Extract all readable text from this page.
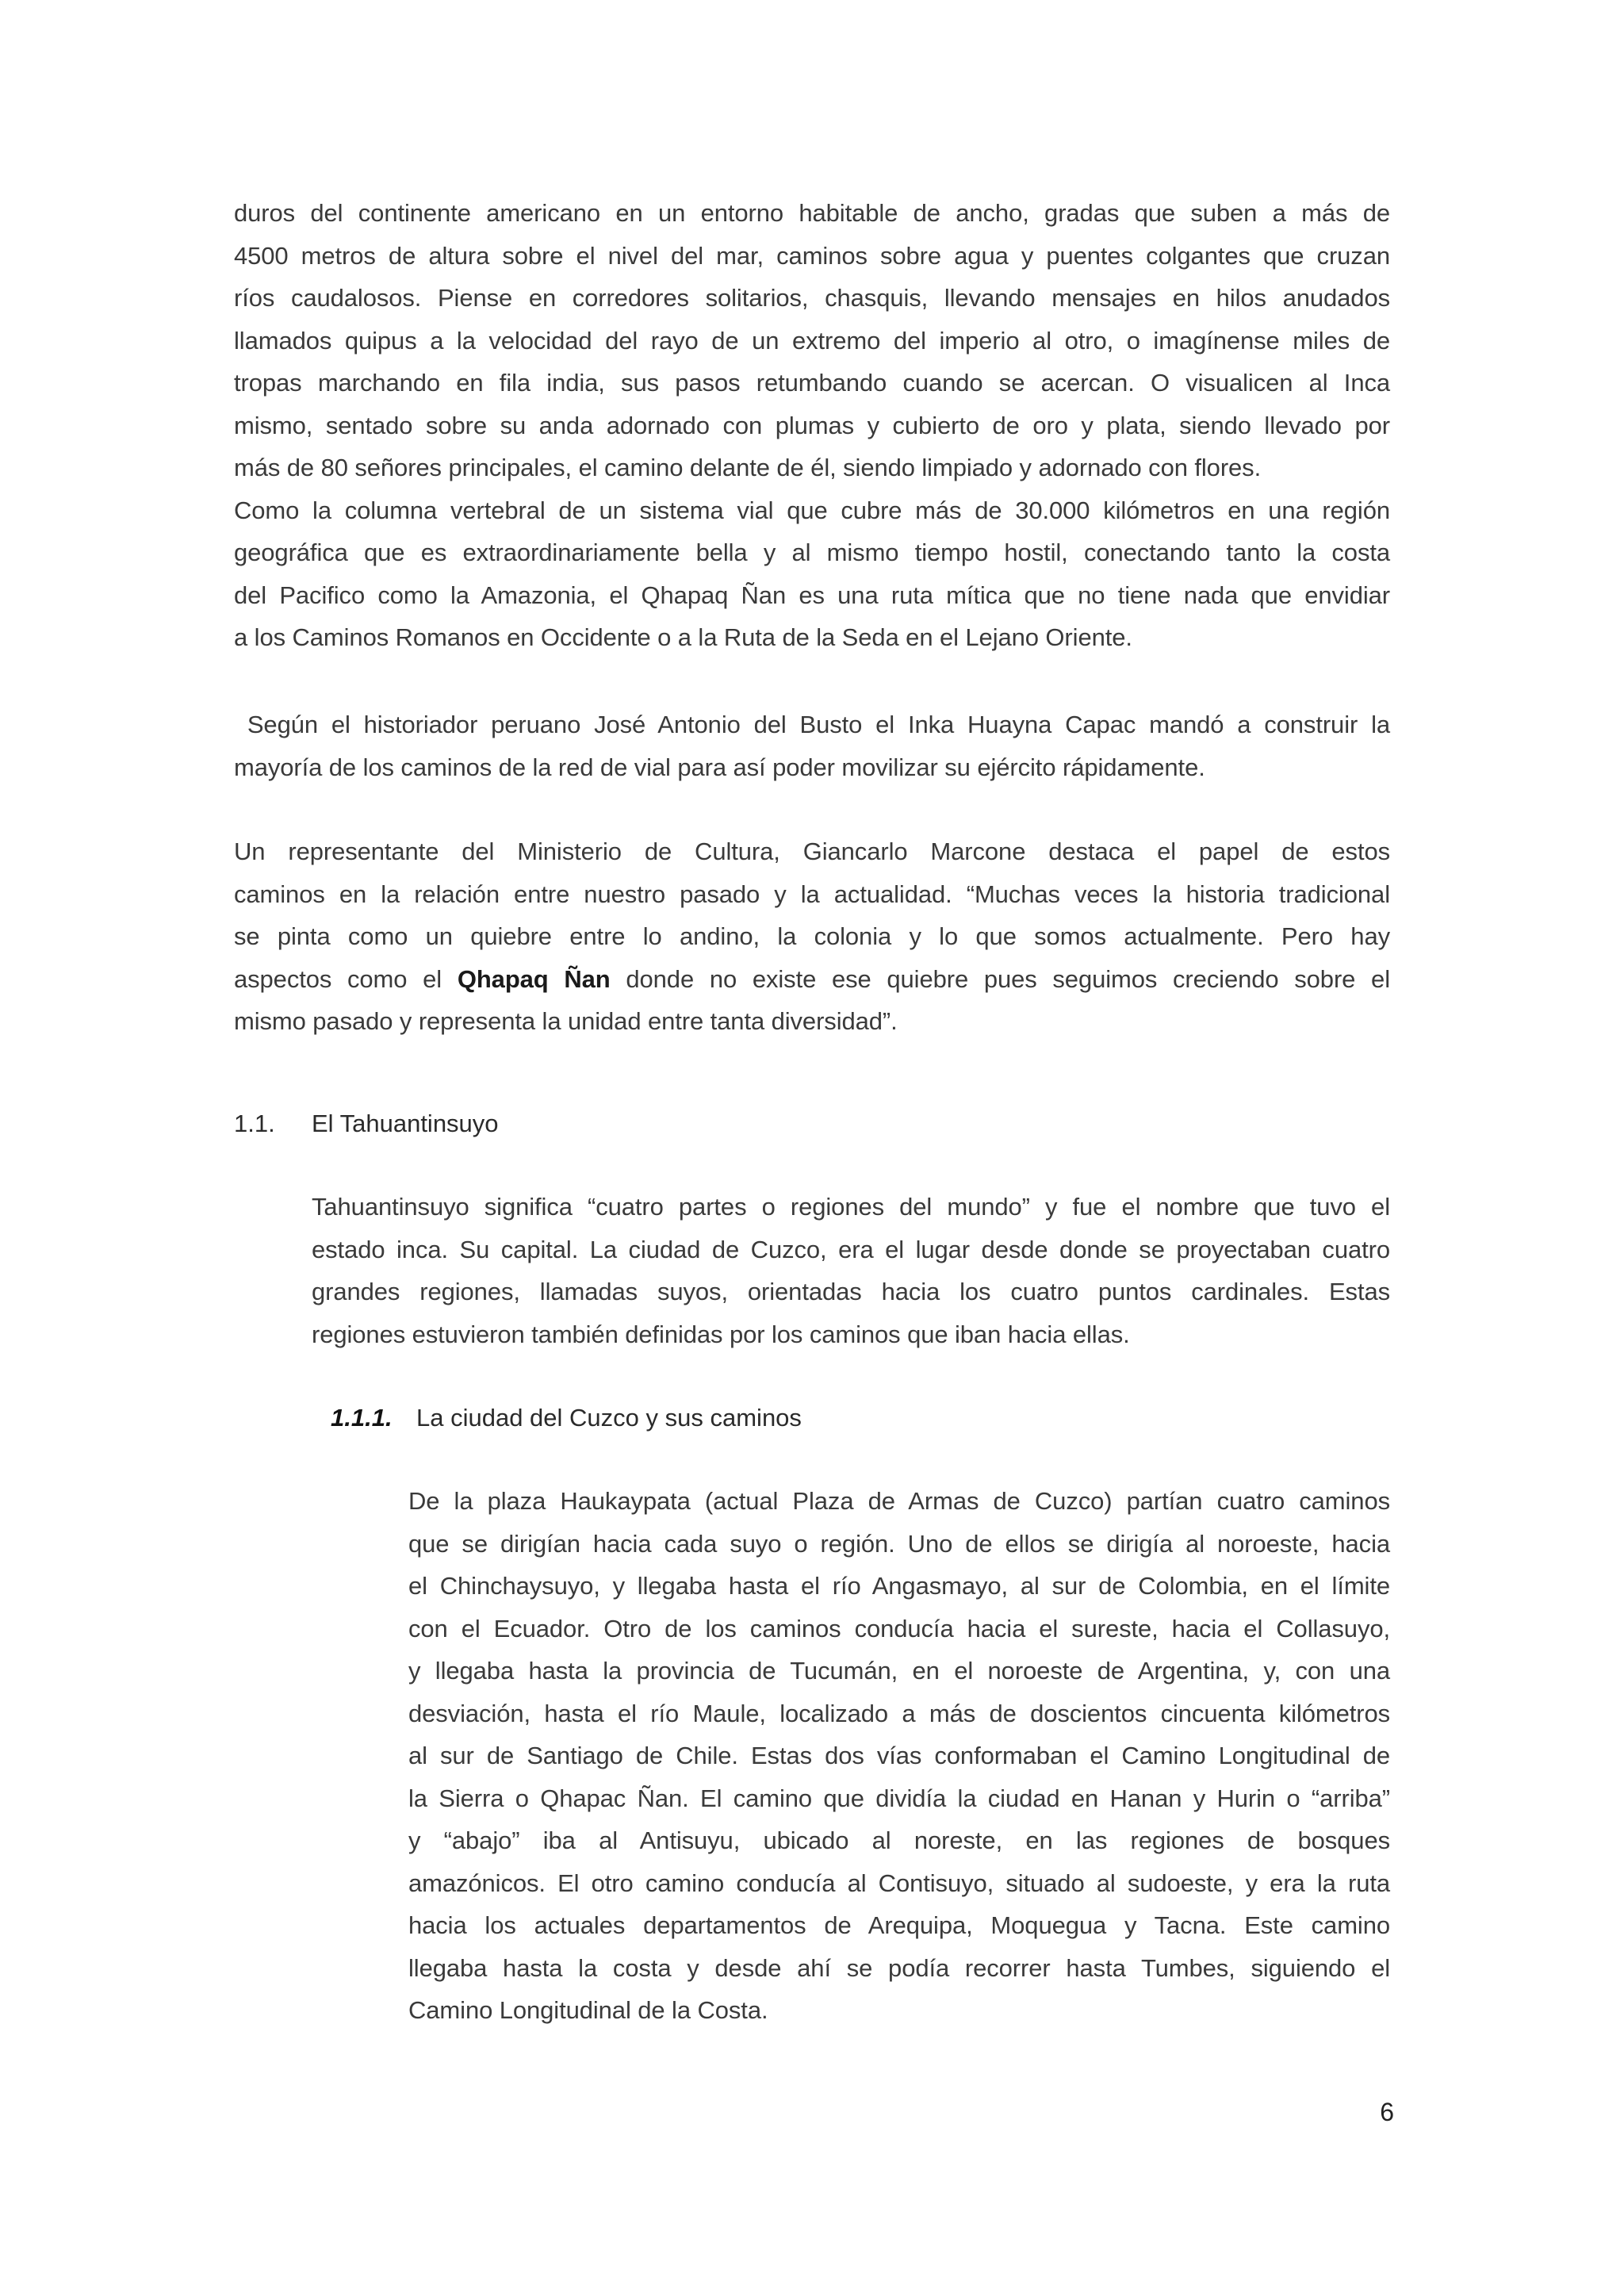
duros del continente americano en un entorno habitable de ancho, gradas que suben a más de
4500 metros de altura sobre el nivel del mar, caminos sobre agua y puentes colgantes que cruzan
ríos caudalosos. Piense en corredores solitarios, chasquis, llevando mensajes en hilos anudados
llamados quipus a la velocidad del rayo de un extremo del imperio al otro, o imagínense miles de
tropas marchando en fila india, sus pasos retumbando cuando se acercan. O visualicen al Inca
mismo, sentado sobre su anda adornado con plumas y cubierto de oro y plata, siendo llevado por
más de 80 señores principales, el camino delante de él, siendo limpiado y adornado con flores.
Como la columna vertebral de un sistema vial que cubre más de 30.000 kilómetros en una región
geográfica que es extraordinariamente bella y al mismo tiempo hostil, conectando tanto la costa
del Pacifico como la Amazonia, el Qhapaq Ñan es una ruta mítica que no tiene nada que envidiar
a los Caminos Romanos en Occidente o a la Ruta de la Seda en el Lejano Oriente.
Según el historiador peruano José Antonio del Busto el Inka Huayna Capac mandó a construir la
mayoría de los caminos de la red de vial para así poder movilizar su ejército rápidamente.
Un representante del Ministerio de Cultura, Giancarlo Marcone destaca el papel de estos
caminos en la relación entre nuestro pasado y la actualidad. “Muchas veces la historia tradicional
se pinta como un quiebre entre lo andino, la colonia y lo que somos actualmente. Pero hay
aspectos como el Qhapaq Ñan donde no existe ese quiebre pues seguimos creciendo sobre el
mismo pasado y representa la unidad entre tanta diversidad”.
1.1. El Tahuantinsuyo
Tahuantinsuyo significa “cuatro partes o regiones del mundo” y fue el nombre que tuvo el
estado inca. Su capital. La ciudad de Cuzco, era el lugar desde donde se proyectaban cuatro
grandes regiones, llamadas suyos, orientadas hacia los cuatro puntos cardinales. Estas
regiones estuvieron también definidas por los caminos que iban hacia ellas.
1.1.1. La ciudad del Cuzco y sus caminos
De la plaza Haukaypata (actual Plaza de Armas de Cuzco) partían cuatro caminos
que se dirigían hacia cada suyo o región. Uno de ellos se dirigía al noroeste, hacia
el Chinchaysuyo, y llegaba hasta el río Angasmayo, al sur de Colombia, en el límite
con el Ecuador. Otro de los caminos conducía hacia el sureste, hacia el Collasuyo,
y llegaba hasta la provincia de Tucumán, en el noroeste de Argentina, y, con una
desviación, hasta el río Maule, localizado a más de doscientos cincuenta kilómetros
al sur de Santiago de Chile. Estas dos vías conformaban el Camino Longitudinal de
la Sierra o Qhapac Ñan. El camino que dividía la ciudad en Hanan y Hurin o “arriba”
y “abajo” iba al Antisuyu, ubicado al noreste, en las regiones de bosques
amazónicos. El otro camino conducía al Contisuyo, situado al sudoeste, y era la ruta
hacia los actuales departamentos de Arequipa, Moquegua y Tacna. Este camino
llegaba hasta la costa y desde ahí se podía recorrer hasta Tumbes, siguiendo el
Camino Longitudinal de la Costa.
6
